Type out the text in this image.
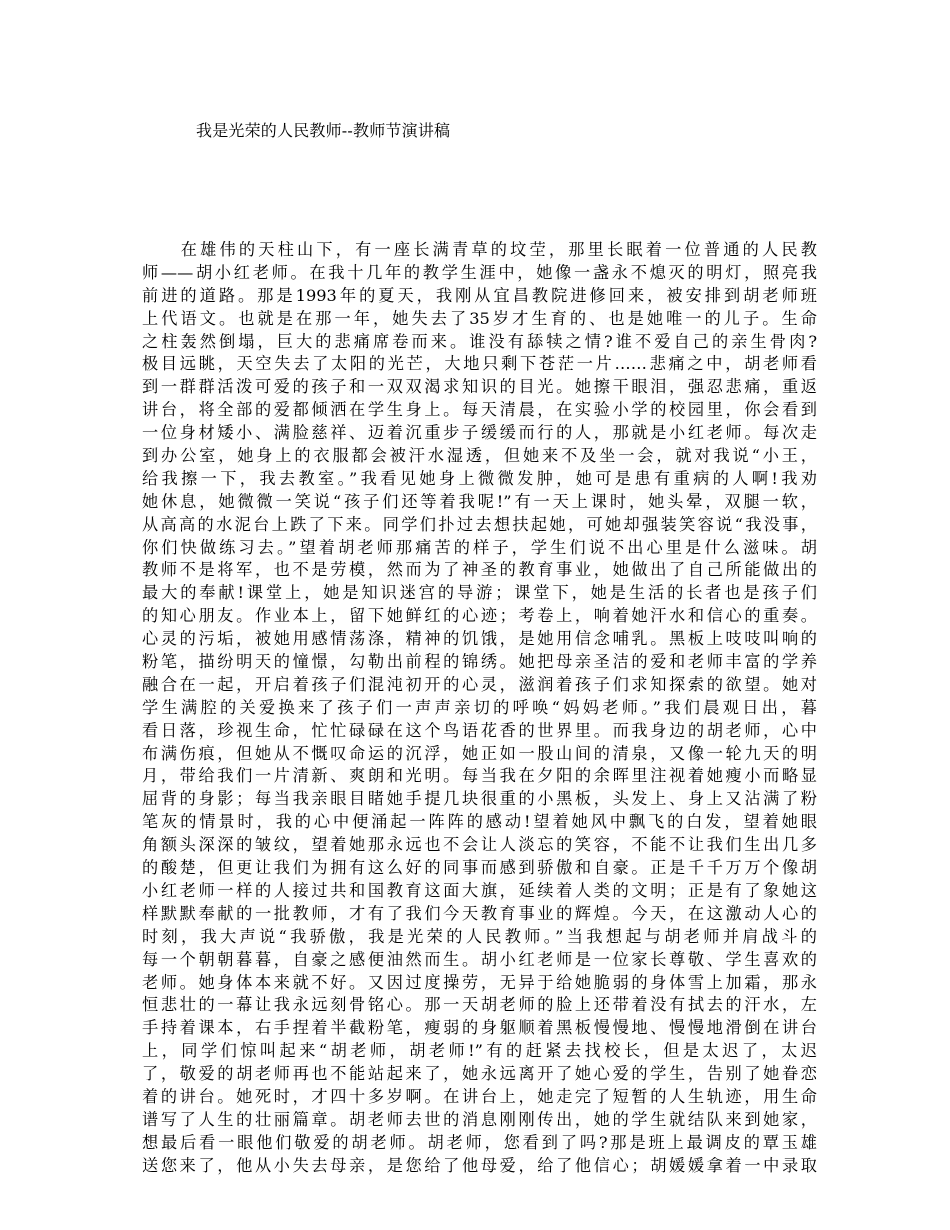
我是光荣的人民教师--教师节演讲稿
　　在雄伟的天柱山下，有一座长满青草的坟茔，那里长眠着一位普通的人民教
师——胡小红老师。在我十几年的教学生涯中，她像一盏永不熄灭的明灯，照亮我
前进的道路。那是1993年的夏天，我刚从宜昌教院进修回来，被安排到胡老师班
上代语文。也就是在那一年，她失去了35岁才生育的、也是她唯一的儿子。生命
之柱轰然倒塌，巨大的悲痛席卷而来。谁没有舔犊之情?谁不爱自己的亲生骨肉?
极目远眺，天空失去了太阳的光芒，大地只剩下苍茫一片……悲痛之中，胡老师看
到一群群活泼可爱的孩子和一双双渴求知识的目光。她擦干眼泪，强忍悲痛，重返
讲台，将全部的爱都倾洒在学生身上。每天清晨，在实验小学的校园里，你会看到
一位身材矮小、满脸慈祥、迈着沉重步子缓缓而行的人，那就是小红老师。每次走
到办公室，她身上的衣服都会被汗水湿透，但她来不及坐一会，就对我说“小王，
给我擦一下，我去教室。”我看见她身上微微发肿，她可是患有重病的人啊!我劝
她休息，她微微一笑说“孩子们还等着我呢!”有一天上课时，她头晕，双腿一软，
从高高的水泥台上跌了下来。同学们扑过去想扶起她，可她却强装笑容说“我没事，
你们快做练习去。”望着胡老师那痛苦的样子，学生们说不出心里是什么滋味。胡
教师不是将军，也不是劳模，然而为了神圣的教育事业，她做出了自己所能做出的
最大的奉献!课堂上，她是知识迷宫的导游；课堂下，她是生活的长者也是孩子们
的知心朋友。作业本上，留下她鲜红的心迹；考卷上，响着她汗水和信心的重奏。
心灵的污垢，被她用感情荡涤，精神的饥饿，是她用信念哺乳。黑板上吱吱叫响的
粉笔，描纷明天的憧憬，勾勒出前程的锦绣。她把母亲圣洁的爱和老师丰富的学养
融合在一起，开启着孩子们混沌初开的心灵，滋润着孩子们求知探索的欲望。她对
学生满腔的关爱换来了孩子们一声声亲切的呼唤“妈妈老师。”我们晨观日出，暮
看日落，珍视生命，忙忙碌碌在这个鸟语花香的世界里。而我身边的胡老师，心中
布满伤痕，但她从不慨叹命运的沉浮，她正如一股山间的清泉，又像一轮九天的明
月，带给我们一片清新、爽朗和光明。每当我在夕阳的余晖里注视着她瘦小而略显
屈背的身影；每当我亲眼目睹她手提几块很重的小黑板，头发上、身上又沾满了粉
笔灰的情景时，我的心中便涌起一阵阵的感动!望着她风中飘飞的白发，望着她眼
角额头深深的皱纹，望着她那永远也不会让人淡忘的笑容，不能不让我们生出几多
的酸楚，但更让我们为拥有这么好的同事而感到骄傲和自豪。正是千千万万个像胡
小红老师一样的人接过共和国教育这面大旗，延续着人类的文明；正是有了象她这
样默默奉献的一批教师，才有了我们今天教育事业的辉煌。今天，在这激动人心的
时刻，我大声说“我骄傲，我是光荣的人民教师。”当我想起与胡老师并肩战斗的
每一个朝朝暮暮，自豪之感便油然而生。胡小红老师是一位家长尊敬、学生喜欢的
老师。她身体本来就不好。又因过度操劳，无异于给她脆弱的身体雪上加霜，那永
恒悲壮的一幕让我永远刻骨铭心。那一天胡老师的脸上还带着没有拭去的汗水，左
手持着课本，右手捏着半截粉笔，瘦弱的身躯顺着黑板慢慢地、慢慢地滑倒在讲台
上，同学们惊叫起来“胡老师，胡老师!”有的赶紧去找校长，但是太迟了，太迟
了，敬爱的胡老师再也不能站起来了，她永远离开了她心爱的学生，告别了她眷恋
着的讲台。她死时，才四十多岁啊。在讲台上，她走完了短暂的人生轨迹，用生命
谱写了人生的壮丽篇章。胡老师去世的消息刚刚传出，她的学生就结队来到她家，
想最后看一眼他们敬爱的胡老师。胡老师，您看到了吗?那是班上最调皮的覃玉雄
送您来了，他从小失去母亲，是您给了他母爱，给了他信心；胡媛媛拿着一中录取
